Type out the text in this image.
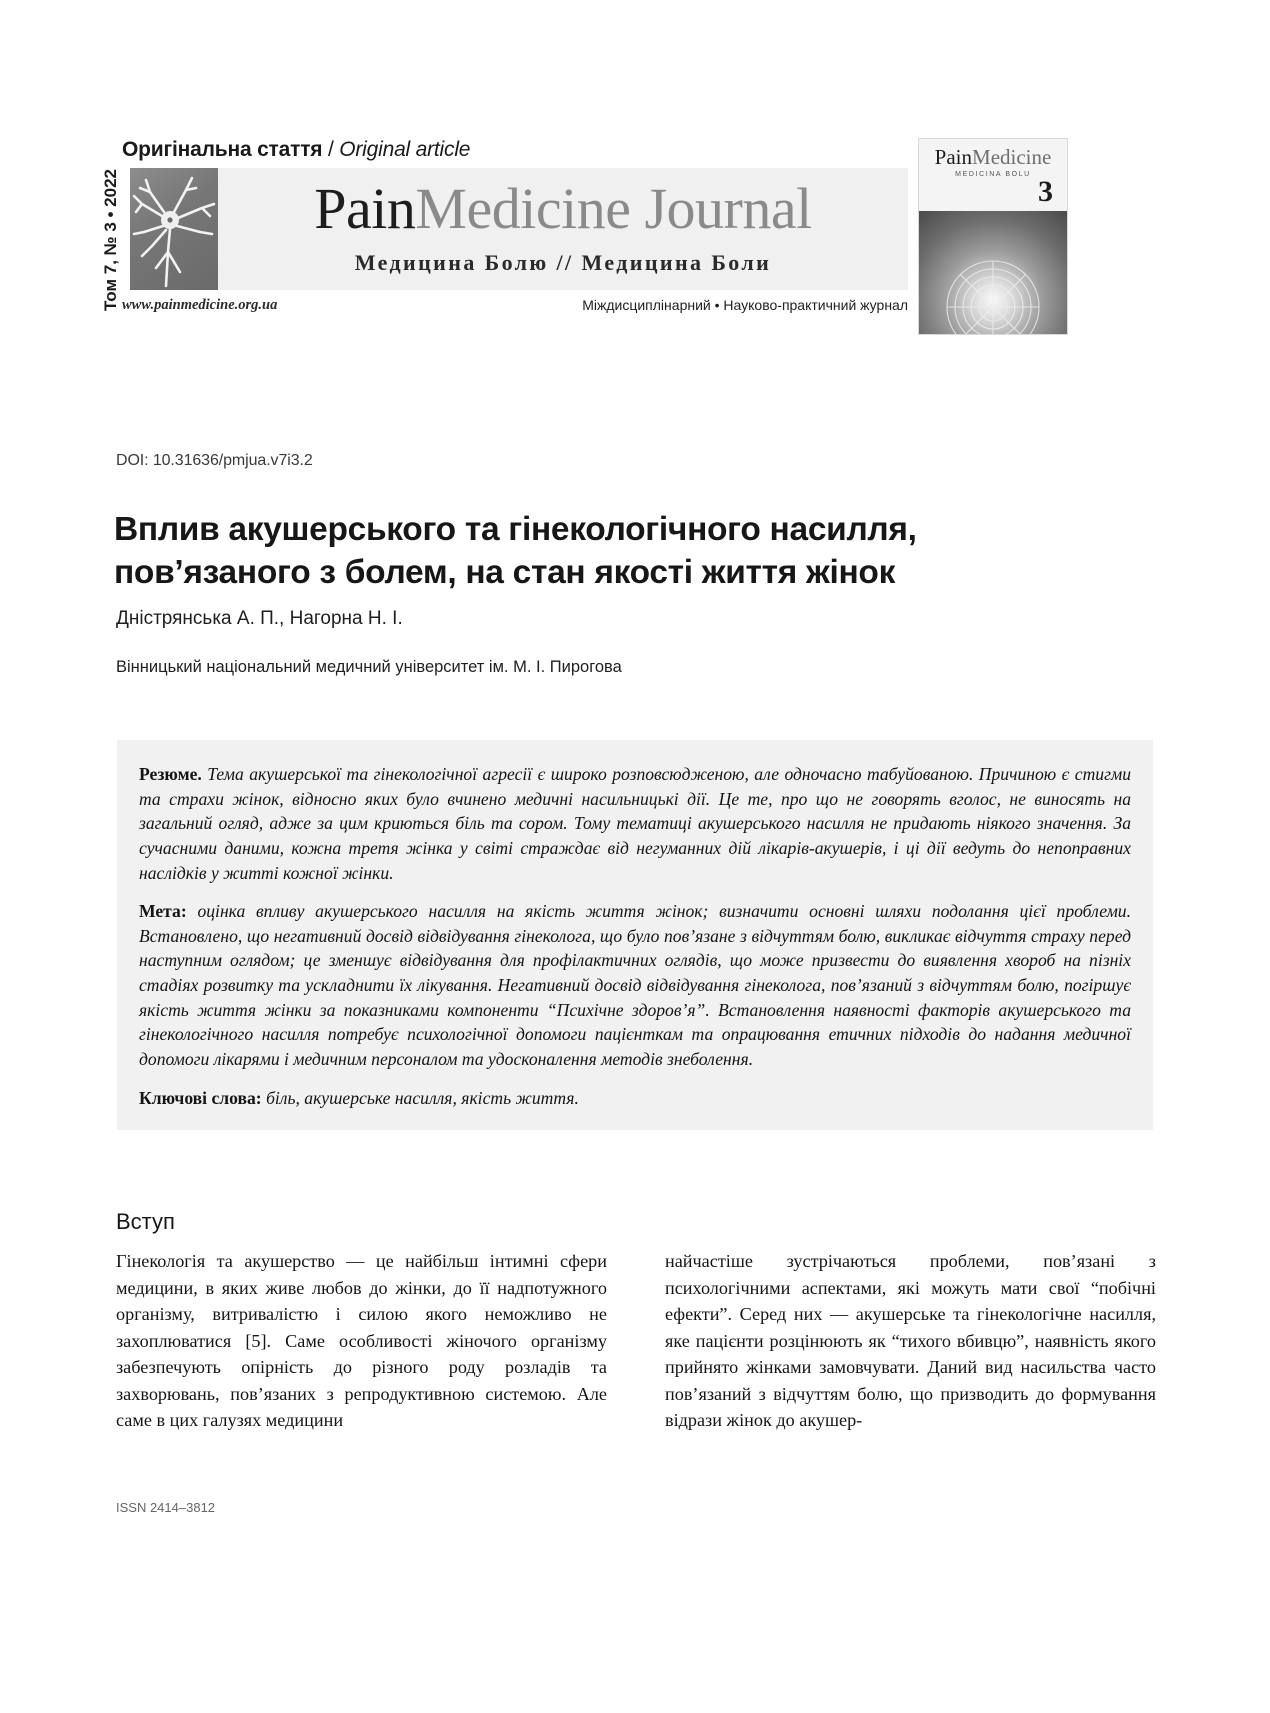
Оригінальна стаття / Original article
Том 7, № 3 • 2022	PainMedicine Journal
Медицина Болю // Медицина Боли
www.painmedicine.org.ua	Міждисциплінарний • Науково-практичний журнал
PainMedicine
MEDICINA BOLU
3
DOI: 10.31636/pmjua.v7i3.2
Вплив акушерського та гінекологічного насилля, пов’язаного з болем, на стан якості життя жінок
Дністрянська А. П., Нагорна Н. І.
Вінницький національний медичний університет ім. М. І. Пирогова

Резюме. Тема акушерської та гінекологічної агресії є широко розповсюдженою, але одночасно табуйованою. Причиною є стигми та страхи жінок, відносно яких було вчинено медичні насильницькі дії. Це те, про що не говорять вголос, не виносять на загальний огляд, адже за цим криються біль та сором. Тому тематиці акушерського насилля не придають ніякого значення. За сучасними даними, кожна третя жінка у світі страждає від негуманних дій лікарів-акушерів, і ці дії ведуть до непоправних наслідків у житті кожної жінки.

Мета: оцінка впливу акушерського насилля на якість життя жінок; визначити основні шляхи подолання цієї проблеми. Встановлено, що негативний досвід відвідування гінеколога, що було пов’язане з відчуттям болю, викликає відчуття страху перед наступним оглядом; це зменшує відвідування для профілактичних оглядів, що може призвести до виявлення хвороб на пізніх стадіях розвитку та ускладнити їх лікування. Негативний досвід відвідування гінеколога, пов’язаний з відчуттям болю, погіршує якість життя жінки за показниками компоненти “Психічне здоров’я”. Встановлення наявності факторів акушерського та гінекологічного насилля потребує психологічної допомоги пацієнткам та опрацювання етичних підходів до надання медичної допомоги лікарями і медичним персоналом та удосконалення методів знеболення.

Ключові слова: біль, акушерське насилля, якість життя.

Вступ
Гінекологія та акушерство — це найбільш інтимні сфери медицини, в яких живе любов до жінки, до її надпотужного організму, витривалістю і силою якого неможливо не захоплюватися [5]. Саме особливості жіночого організму забезпечують опірність до різного роду розладів та захворювань, пов’язаних з репродуктивною системою. Але саме в цих галузях медицини
найчастіше зустрічаються проблеми, пов’язані з психологічними аспектами, які можуть мати свої “побічні ефекти”. Серед них — акушерське та гінекологічне насилля, яке пацієнти розцінюють як “тихого вбивцю”, наявність якого прийнято жінками замовчувати. Даний вид насильства часто пов’язаний з відчуттям болю, що призводить до формування відрази жінок до акушер-
ISSN 2414–3812
